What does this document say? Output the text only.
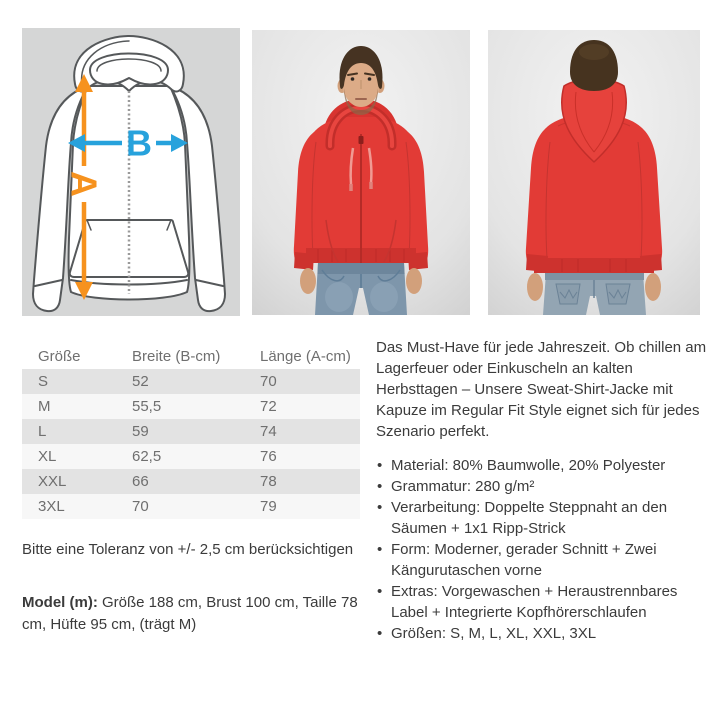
A
B
Größe	Breite (B-cm)	Länge (A-cm)
S	52	70
M	55,5	72
L	59	74
XL	62,5	76
XXL	66	78
3XL	70	79

Bitte eine Toleranz von +/- 2,5 cm berücksichtigen

Model (m): Größe 188 cm, Brust 100 cm, Taille 78 cm, Hüfte 95 cm, (trägt M)

Das Must-Have für jede Jahreszeit. Ob chillen am Lagerfeuer oder Einkuscheln an kalten Herbsttagen – Unsere Sweat-Shirt-Jacke mit Kapuze im Regular Fit Style eignet sich für jedes Szenario perfekt.

• Material: 80% Baumwolle, 20% Polyester
• Grammatur: 280 g/m²
• Verarbeitung: Doppelte Steppnaht an den Säumen + 1x1 Ripp-Strick
• Form: Moderner, gerader Schnitt + Zwei Kängurutaschen vorne
• Extras: Vorgewaschen + Heraustrennbares Label + Integrierte Kopfhörerschlaufen
• Größen: S, M, L, XL, XXL, 3XL
